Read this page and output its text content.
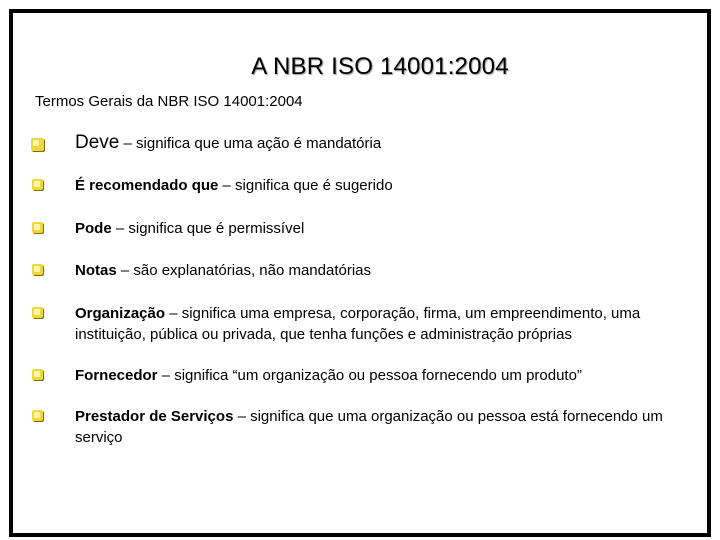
A NBR ISO 14001:2004
Termos Gerais da NBR ISO 14001:2004
Deve – significa que uma ação é mandatória
É recomendado que – significa que é sugerido
Pode – significa que é permissível
Notas – são explanatórias, não mandatórias
Organização – significa uma empresa, corporação, firma, um empreendimento, uma instituição, pública ou privada, que tenha funções e administração próprias
Fornecedor – significa “um organização ou pessoa fornecendo um produto”
Prestador de Serviços – significa que uma organização ou pessoa está fornecendo um serviço
